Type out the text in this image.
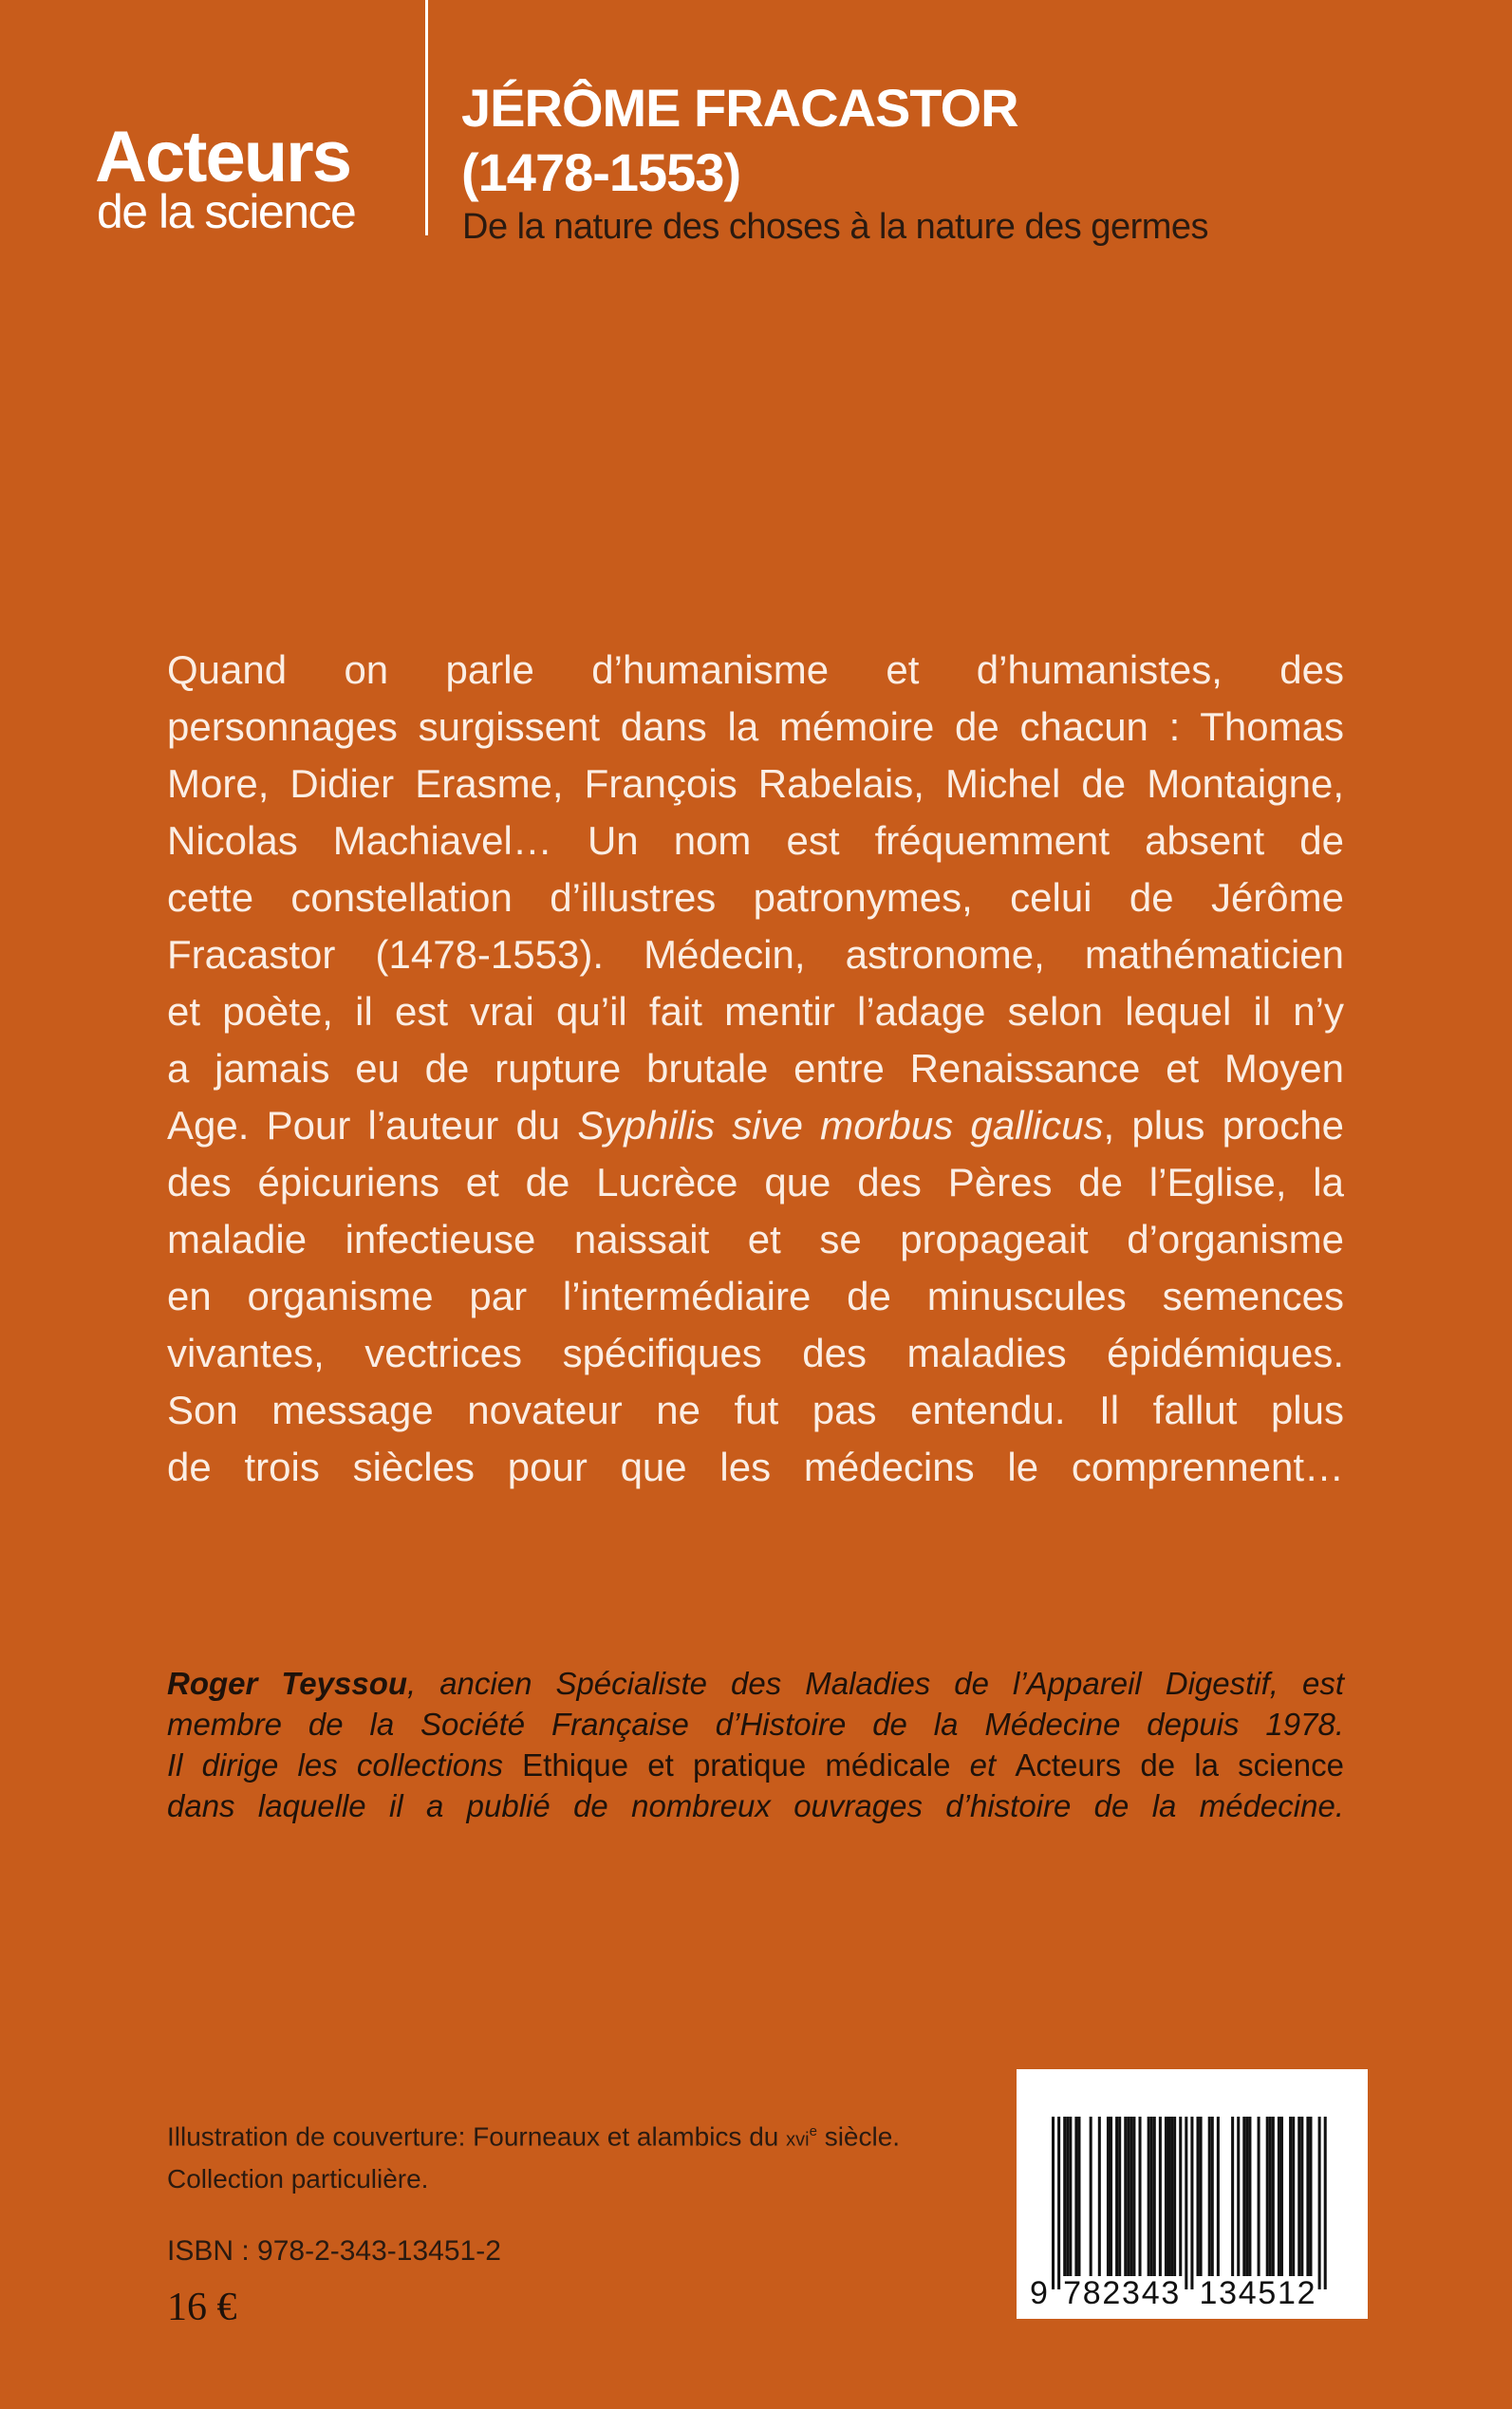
Acteurs
de la science
JÉRÔME FRACASTOR
(1478-1553)
De la nature des choses à la nature des germes
Quand on parle d’humanisme et d’humanistes, des
personnages surgissent dans la mémoire de chacun : Thomas
More, Didier Erasme, François Rabelais, Michel de Montaigne,
Nicolas Machiavel… Un nom est fréquemment absent de
cette constellation d’illustres patronymes, celui de Jérôme
Fracastor (1478-1553). Médecin, astronome, mathématicien
et poète, il est vrai qu’il fait mentir l’adage selon lequel il n’y
a jamais eu de rupture brutale entre Renaissance et Moyen
Age. Pour l’auteur du Syphilis sive morbus gallicus, plus proche
des épicuriens et de Lucrèce que des Pères de l’Eglise, la
maladie infectieuse naissait et se propageait d’organisme
en organisme par l’intermédiaire de minuscules semences
vivantes, vectrices spécifiques des maladies épidémiques.
Son message novateur ne fut pas entendu. Il fallut plus
de trois siècles pour que les médecins le comprennent…
Roger Teyssou, ancien Spécialiste des Maladies de l’Appareil Digestif, est
membre de la Société Française d’Histoire de la Médecine depuis 1978.
Il dirige les collections Ethique et pratique médicale et Acteurs de la science
dans laquelle il a publié de nombreux ouvrages d’histoire de la médecine.
Illustration de couverture: Fourneaux et alambics du xvi$^e$ siècle.
Collection particulière.
ISBN : 978-2-343-13451-2
16 €	9 782343 134512
